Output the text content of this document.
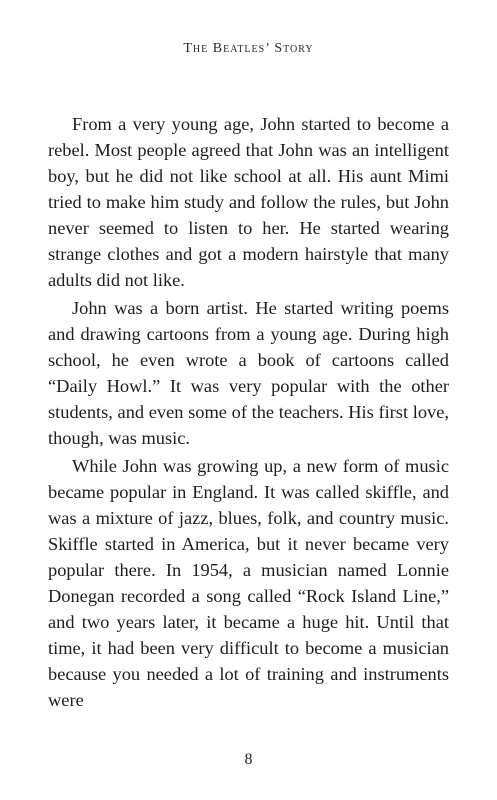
The Beatles’ Story

From a very young age, John started to become a rebel. Most people agreed that John was an intelligent boy, but he did not like school at all. His aunt Mimi tried to make him study and follow the rules, but John never seemed to listen to her. He started wearing strange clothes and got a modern hairstyle that many adults did not like.

John was a born artist. He started writing poems and drawing cartoons from a young age. During high school, he even wrote a book of cartoons called “Daily Howl.” It was very popular with the other students, and even some of the teachers. His first love, though, was music.

While John was growing up, a new form of music became popular in England. It was called skiffle, and was a mixture of jazz, blues, folk, and country music. Skiffle started in America, but it never became very popular there. In 1954, a musician named Lonnie Donegan recorded a song called “Rock Island Line,” and two years later, it became a huge hit. Until that time, it had been very difficult to become a musician because you needed a lot of training and instruments were

8
